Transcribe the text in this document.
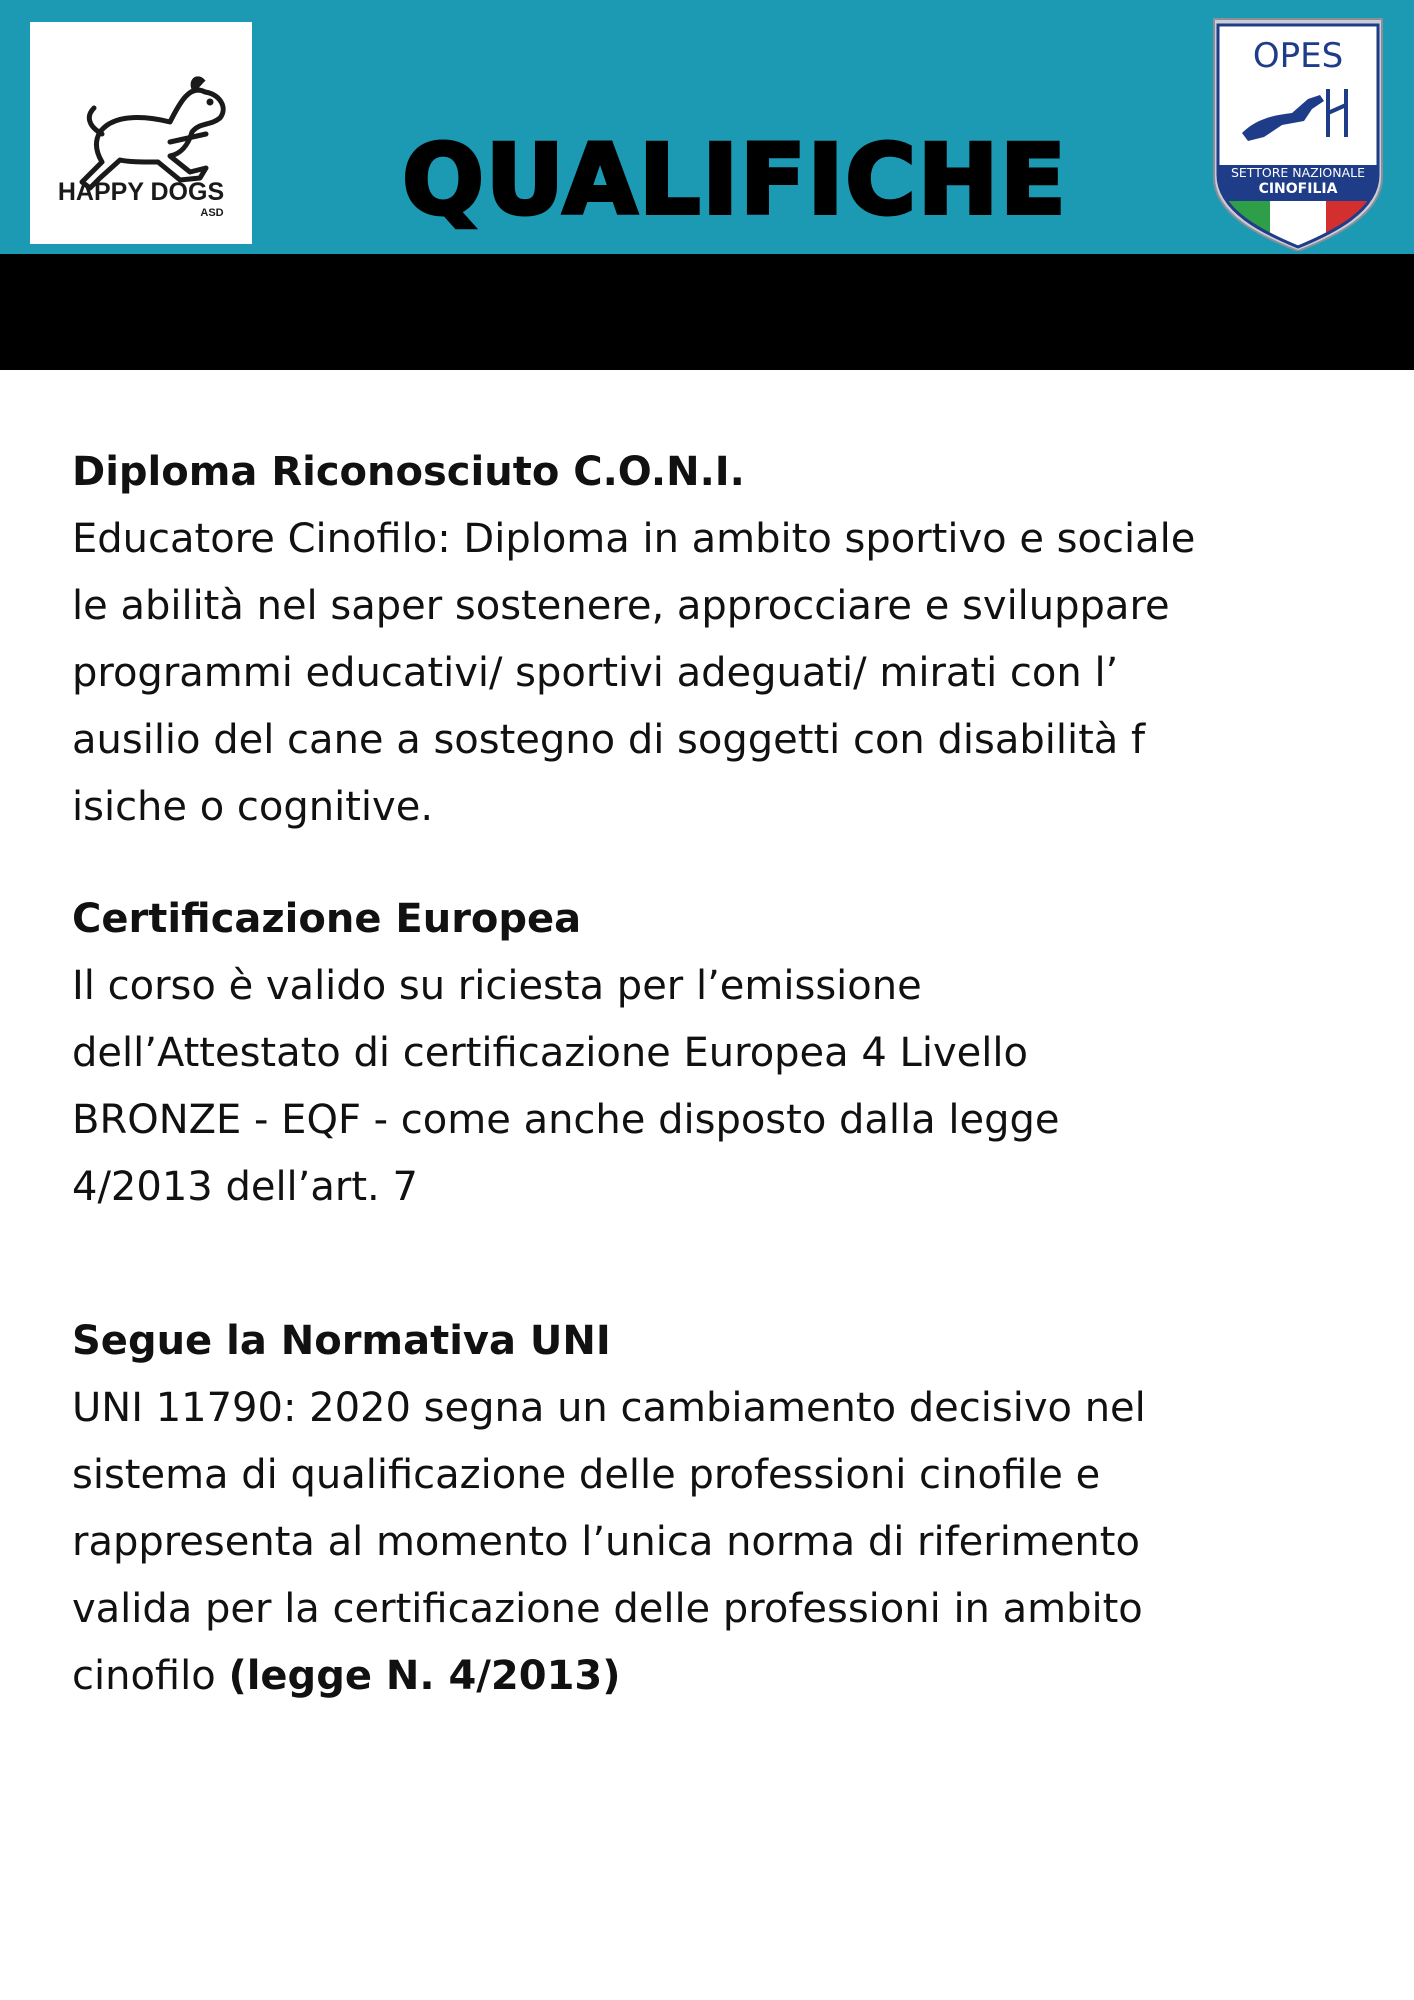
HAPPY DOGS
ASD	QUALIFICHE
OPES
SETTORE NAZIONALE
CINOFILIA
Diploma Riconosciuto C.O.N.I.
Educatore Cinofilo: Diploma in ambito sportivo e sociale
le abilità nel saper sostenere, approcciare e sviluppare
programmi educativi/ sportivi adeguati/ mirati con l’
ausilio del cane a sostegno di soggetti con disabilità f
isiche o cognitive.
Certificazione Europea
Il corso è valido su riciesta per l’emissione
dell’Attestato di certificazione Europea 4 Livello
BRONZE - EQF - come anche disposto dalla legge
4/2013 dell’art. 7
Segue la Normativa UNI
UNI 11790: 2020 segna un cambiamento decisivo nel
sistema di qualificazione delle professioni cinofile e
rappresenta al momento l’unica norma di riferimento
valida per la certificazione delle professioni in ambito
cinofilo (legge N. 4/2013)
